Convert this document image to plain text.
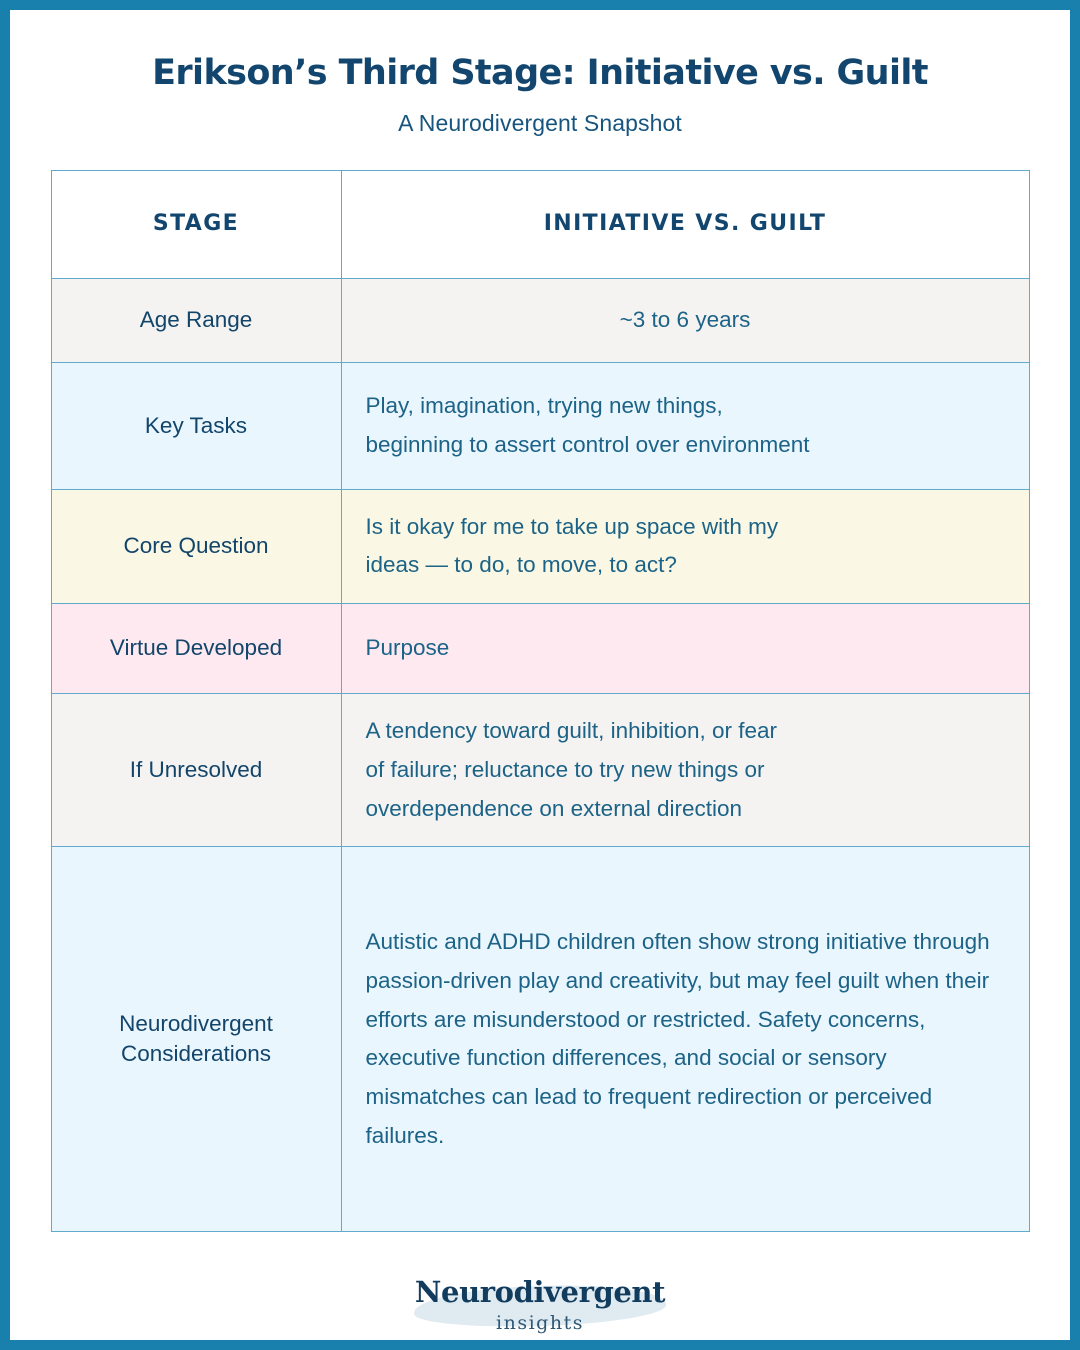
Erikson’s Third Stage: Initiative vs. Guilt
A Neurodivergent Snapshot
STAGE	INITIATIVE VS. GUILT
Age Range	~3 to 6 years
Key Tasks	Play, imagination, trying new things,
beginning to assert control over environment

Core Question	Is it okay for me to take up space with my
ideas — to do, to move, to act?

Virtue Developed	Purpose
If Unresolved	A tendency toward guilt, inhibition, or fear
of failure; reluctance to try new things or
overdependence on external direction

Neurodivergent
Considerations	Autistic and ADHD children often show strong initiative through passion-driven play and creativity, but may feel guilt when their efforts are misunderstood or restricted. Safety concerns, executive function differences, and social or sensory mismatches can lead to frequent redirection or perceived failures.
Neurodivergent
insights
